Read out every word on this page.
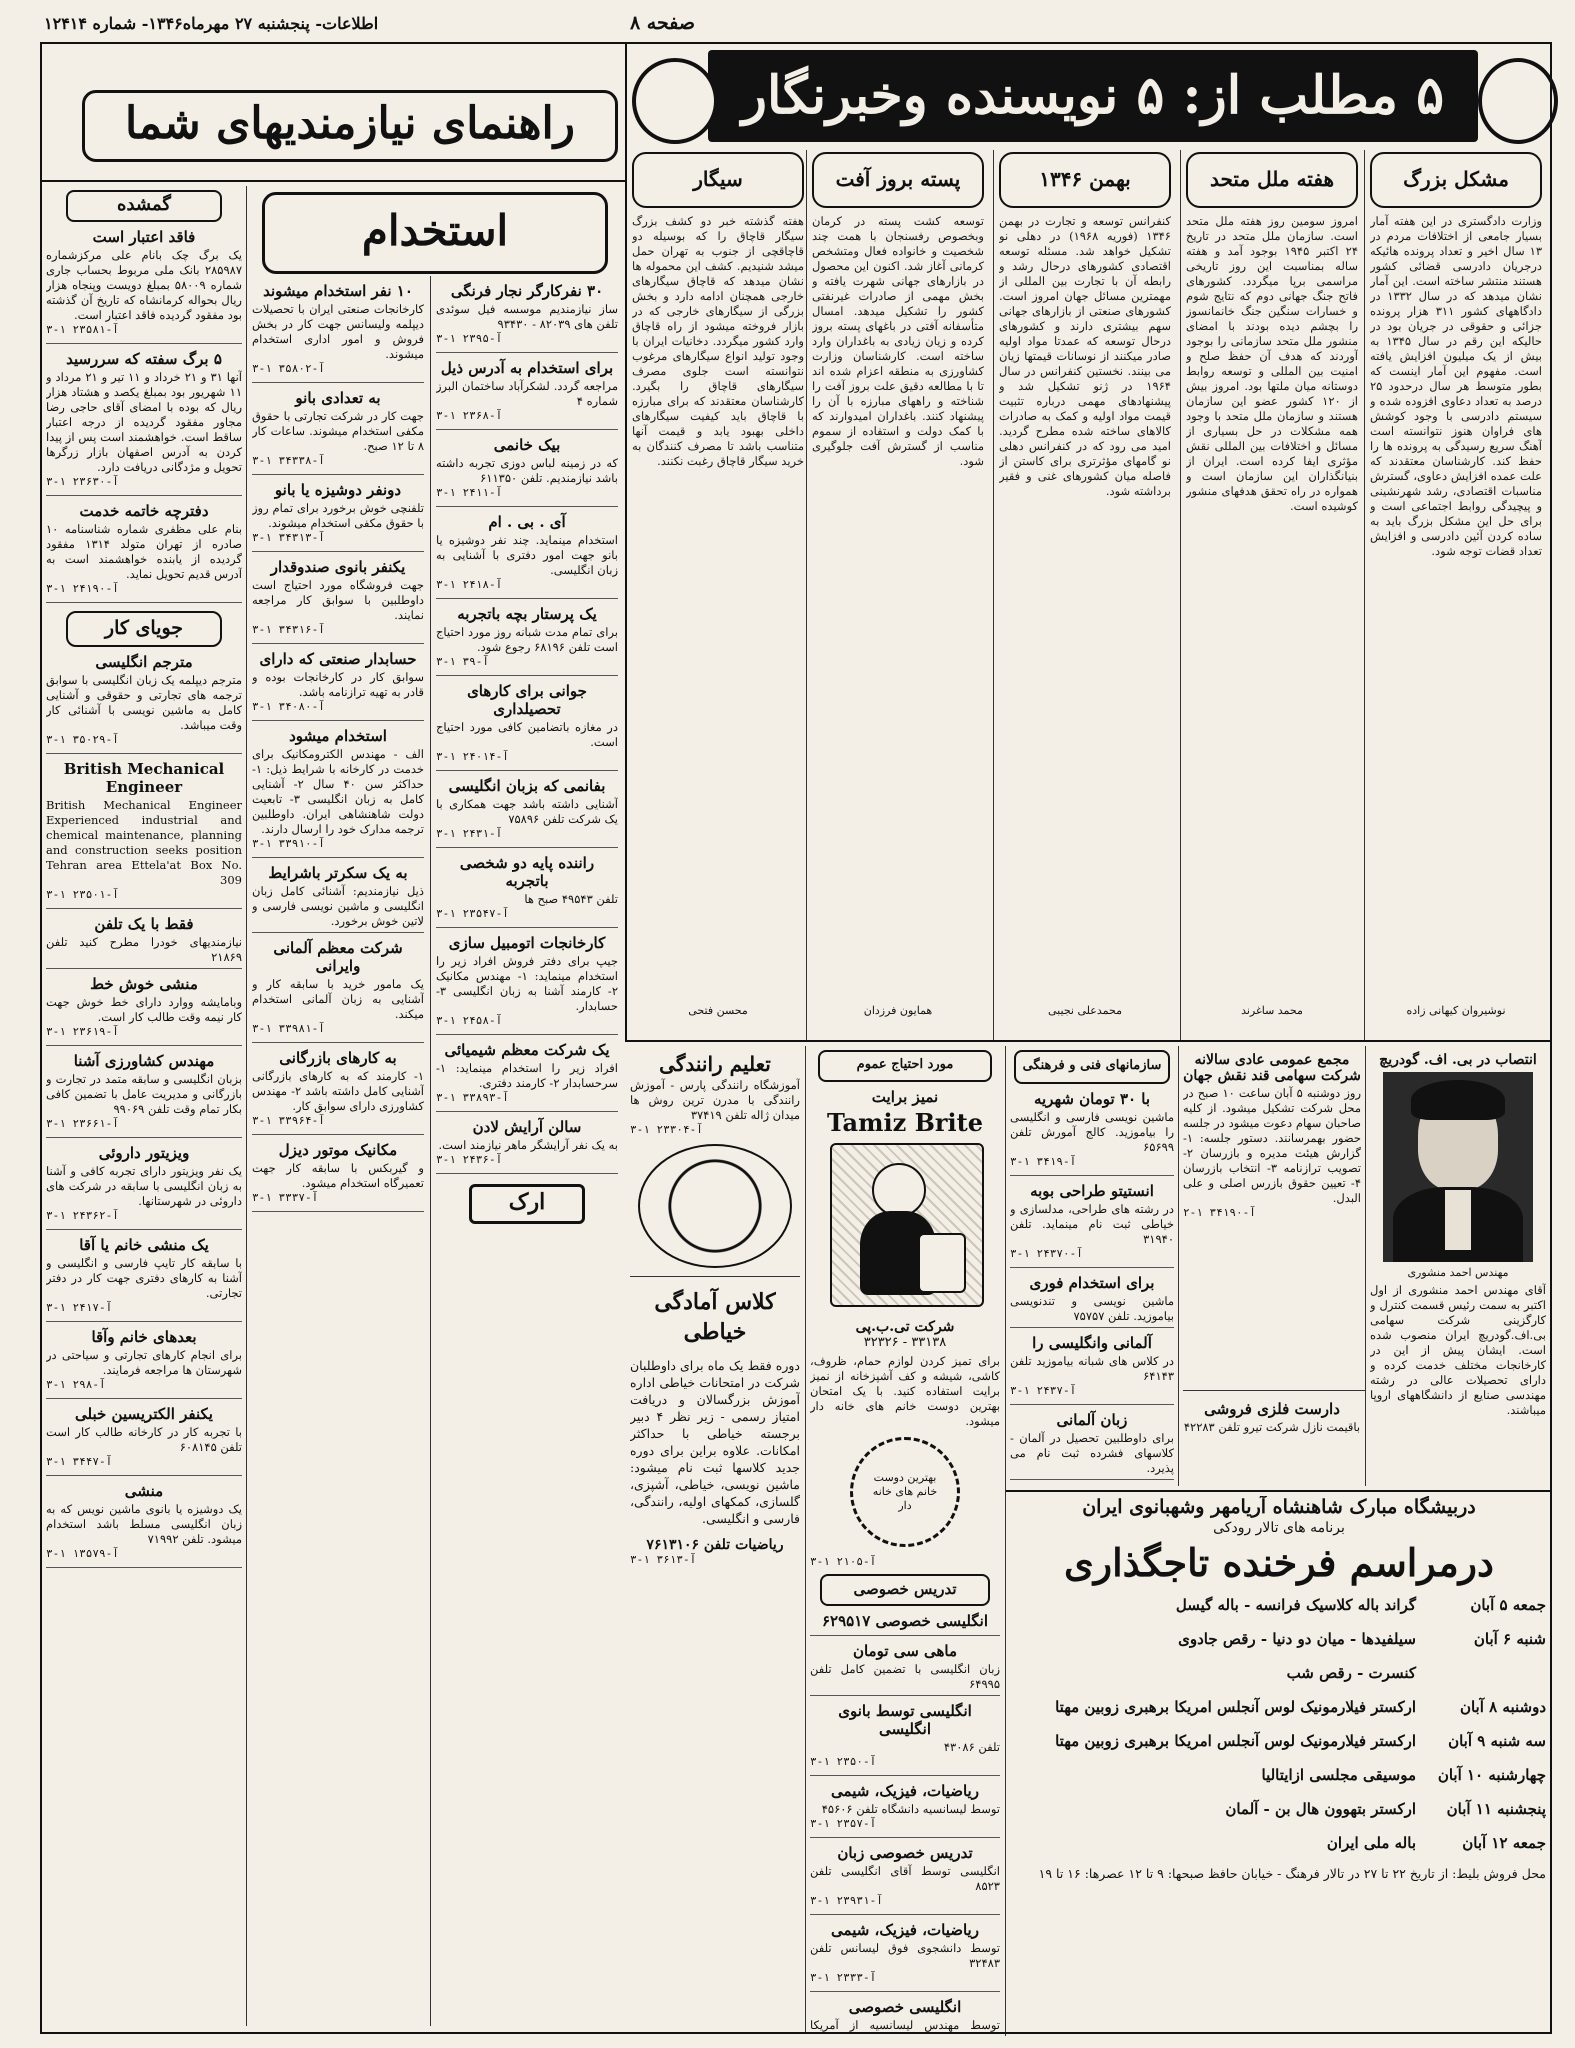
صفحه ۸
اطلاعات- پنجشنبه ۲۷ مهرماه۱۳۴۶- شماره ۱۲۴۱۴
۵ مطلب از: ۵ نویسنده وخبرنگار
مشکل بزرگ
وزارت دادگستری در این هفته آمار بسیار جامعی از اختلافات مردم در ۱۳ سال اخیر و تعداد پرونده هائیکه درجریان دادرسی قضائی کشور هستند منتشر ساخته است. این آمار نشان میدهد که در سال ۱۳۳۲ در دادگاههای کشور ۳۱۱ هزار پرونده جزائی و حقوقی در جریان بود در حالیکه این رقم در سال ۱۳۴۵ به بیش از یک میلیون افزایش یافته است. مفهوم این آمار اینست که بطور متوسط هر سال درحدود ۲۵ درصد به تعداد دعاوی افزوده شده و سیستم دادرسی با وجود کوشش های فراوان هنوز نتوانسته است آهنگ سریع رسیدگی به پرونده ها را حفظ کند. کارشناسان معتقدند که علت عمده افزایش دعاوی، گسترش مناسبات اقتصادی، رشد شهرنشینی و پیچیدگی روابط اجتماعی است و برای حل این مشکل بزرگ باید به ساده کردن آئین دادرسی و افزایش تعداد قضات توجه شود.
نوشیروان کیهانی زاده
هفته ملل متحد
امروز سومین روز هفته ملل متحد است. سازمان ملل متحد در تاریخ ۲۴ اکتبر ۱۹۴۵ بوجود آمد و هفته ساله بمناسبت این روز تاریخی مراسمی برپا میگردد. کشورهای فاتح جنگ جهانی دوم که نتایج شوم و خسارات سنگین جنگ خانمانسوز را بچشم دیده بودند با امضای منشور ملل متحد سازمانی را بوجود آوردند که هدف آن حفظ صلح و امنیت بین المللی و توسعه روابط دوستانه میان ملتها بود. امروز بیش از ۱۲۰ کشور عضو این سازمان هستند و سازمان ملل متحد با وجود همه مشکلات در حل بسیاری از مسائل و اختلافات بین المللی نقش مؤثری ایفا کرده است. ایران از بنیانگذاران این سازمان است و همواره در راه تحقق هدفهای منشور کوشیده است.
محمد ساغرند
بهمن ۱۳۴۶
کنفرانس توسعه و تجارت در بهمن ۱۳۴۶ (فوریه ۱۹۶۸) در دهلی نو تشکیل خواهد شد. مسئله توسعه اقتصادی کشورهای درحال رشد و رابطه آن با تجارت بین المللی از مهمترین مسائل جهان امروز است. کشورهای صنعتی از بازارهای جهانی سهم بیشتری دارند و کشورهای درحال توسعه که عمدتا مواد اولیه صادر میکنند از نوسانات قیمتها زیان می بینند. نخستین کنفرانس در سال ۱۹۶۴ در ژنو تشکیل شد و پیشنهادهای مهمی درباره تثبیت قیمت مواد اولیه و کمک به صادرات کالاهای ساخته شده مطرح گردید. امید می رود که در کنفرانس دهلی نو گامهای مؤثرتری برای کاستن از فاصله میان کشورهای غنی و فقیر برداشته شود.
محمدعلی نجیبی
پسته بروز آفت
توسعه کشت پسته در کرمان وبخصوص رفسنجان با همت چند شخصیت و خانواده فعال ومتشخص کرمانی آغاز شد. اکنون این محصول در بازارهای جهانی شهرت یافته و بخش مهمی از صادرات غیرنفتی کشور را تشکیل میدهد. امسال متأسفانه آفتی در باغهای پسته بروز کرده و زیان زیادی به باغداران وارد ساخته است. کارشناسان وزارت کشاورزی به منطقه اعزام شده اند تا با مطالعه دقیق علت بروز آفت را شناخته و راههای مبارزه با آن را پیشنهاد کنند. باغداران امیدوارند که با کمک دولت و استفاده از سموم مناسب از گسترش آفت جلوگیری شود.
همایون فرزدان
سیگار
هفته گذشته خبر دو کشف بزرگ سیگار قاچاق را که بوسیله دو قاچاقچی از جنوب به تهران حمل میشد شنیدیم. کشف این محموله ها نشان میدهد که قاچاق سیگارهای خارجی همچنان ادامه دارد و بخش بزرگی از سیگارهای خارجی که در بازار فروخته میشود از راه قاچاق وارد کشور میگردد. دخانیات ایران با وجود تولید انواع سیگارهای مرغوب نتوانسته است جلوی مصرف سیگارهای قاچاق را بگیرد. کارشناسان معتقدند که برای مبارزه با قاچاق باید کیفیت سیگارهای داخلی بهبود یابد و قیمت آنها متناسب باشد تا مصرف کنندگان به خرید سیگار قاچاق رغبت نکنند.
محسن فتحی
راهنمای نیازمندیهای شما
گمشده
فاقد اعتبار است
یک برگ چک بانام علی مرکزشماره ۲۸۵۹۸۷ بانک ملی مربوط بحساب جاری شماره ۵۸۰۰۹ بمبلغ دویست وپنجاه هزار ریال بحواله کرمانشاه که تاریخ آن گذشته بود مفقود گردیده فاقد اعتبار است.
آ-۲۳۵۸۱ ۱-۳
۵ برگ سفته که سررسید
آنها ۳۱ و ۲۱ خرداد و ۱۱ تیر و ۲۱ مرداد و ۱۱ شهریور بود بمبلغ یکصد و هشتاد هزار ریال که بوده با امضای آقای حاجی رضا مجاور مفقود گردیده از درجه اعتبار ساقط است. خواهشمند است پس از پیدا کردن به آدرس اصفهان بازار زرگرها تحویل و مژدگانی دریافت دارد.
آ-۲۳۶۳۰ ۱-۳
دفترچه خاتمه خدمت
بنام علی مظفری شماره شناسنامه ۱۰ صادره از تهران متولد ۱۳۱۴ مفقود گردیده از یابنده خواهشمند است به آدرس قدیم تحویل نماید.
آ-۲۴۱۹۰ ۱-۳
جویای کار
مترجم انگلیسی
مترجم دیپلمه یک زبان انگلیسی با سوابق ترجمه های تجارتی و حقوقی و آشنایی کامل به ماشین نویسی با آشنائی کار وقت میباشد.
آ-۳۵۰۲۹ ۱-۳
British Mechanical Engineer
British Mechanical Engineer Experienced industrial and chemical maintenance, planning and construction seeks position Tehran area Ettela'at Box No. 309
آ-۲۳۵۰۱ ۱-۳
فقط با یک تلفن
نیازمندیهای خودرا مطرح کنید تلفن ۲۱۸۶۹
منشی خوش خط
وبامایشه ووارد دارای خط خوش جهت کار نیمه وقت طالب کار است.
آ-۲۳۶۱۹ ۱-۳
مهندس کشاورزی آشنا
بزبان انگلیسی و سابقه متمد در تجارت و بازرگانی و مدیریت عامل با تضمین کافی بکار تمام وقت تلفن ۹۹۰۶۹
آ-۲۳۶۶۱ ۱-۳
ویزیتور داروئی
یک نفر ویزیتور دارای تجربه کافی و آشنا به زبان انگلیسی با سابقه در شرکت های داروئی در شهرستانها.
آ-۲۴۳۶۲ ۱-۳
یک منشی خانم یا آقا
با سابقه کار تایپ فارسی و انگلیسی و آشنا به کارهای دفتری جهت کار در دفتر تجارتی.
آ-۲۴۱۷ ۱-۳
بعدهای خانم وآقا
برای انجام کارهای تجارتی و سیاحتی در شهرستان ها مراجعه فرمایند.
آ-۲۹۸ ۱-۳
یکنفر الکتریسین خبلی
با تجربه کار در کارخانه طالب کار است تلفن ۶۰۸۱۴۵
آ-۳۴۴۷ ۱-۳
منشی
یک دوشیزه یا بانوی ماشین نویس که به زبان انگلیسی مسلط باشد استخدام میشود. تلفن ۷۱۹۹۲
آ-۱۳۵۷۹ ۱-۳
استخدام
۱۰ نفر استخدام میشوند
کارخانجات صنعتی ایران با تحصیلات دیپلمه ولیسانس جهت کار در بخش فروش و امور اداری استخدام میشوند.
آ-۳۵۸۰۲ ۱-۳
به تعدادی بانو
جهت کار در شرکت تجارتی با حقوق مکفی استخدام میشوند. ساعات کار ۸ تا ۱۲ صبح.
آ-۳۴۳۳۸ ۱-۳
دونفر دوشیزه یا بانو
تلفنچی خوش برخورد برای تمام روز با حقوق مکفی استخدام میشوند.
آ-۳۴۳۱۳ ۱-۳
یکنفر بانوی صندوقدار
جهت فروشگاه مورد احتیاج است داوطلبین با سوابق کار مراجعه نمایند.
آ-۳۴۳۱۶ ۱-۳
حسابدار صنعتی که دارای
سوابق کار در کارخانجات بوده و قادر به تهیه ترازنامه باشد.
آ-۳۴۰۸۰ ۱-۳
استخدام میشود
الف - مهندس الکترومکانیک برای خدمت در کارخانه با شرایط ذیل: ۱- حداکثر سن ۴۰ سال ۲- آشنایی کامل به زبان انگلیسی ۳- تابعیت دولت شاهنشاهی ایران. داوطلبین ترجمه مدارک خود را ارسال دارند.
آ-۳۳۹۱۰ ۱-۳
به یک سکرتر باشرایط
ذیل نیازمندیم: آشنائی کامل زبان انگلیسی و ماشین نویسی فارسی و لاتین خوش برخورد.
شرکت معظم آلمانی وایرانی
یک مامور خرید با سابقه کار و آشنایی به زبان آلمانی استخدام میکند.
آ-۳۳۹۸۱ ۱-۳
به کارهای بازرگانی
۱- کارمند که به کارهای بازرگانی آشنایی کامل داشته باشد ۲- مهندس کشاورزی دارای سوابق کار.
آ-۳۳۹۶۴ ۱-۳
مکانیک موتور دیزل
و گیربکس با سابقه کار جهت تعمیرگاه استخدام میشود.
آ-۳۳۳۷ ۱-۳
۳۰ نفرکارگر نجار فرنگی
ساز نیازمندیم موسسه فیل سوئدی تلفن های ۸۲۰۳۹ - ۹۳۴۳۰
آ-۲۳۹۵ ۱-۳
برای استخدام به آدرس ذیل
مراجعه گردد. لشکرآباد ساختمان البرز شماره ۴
آ-۲۳۶۸ ۱-۳
بیک خانمی
که در زمینه لباس دوزی تجربه داشته باشد نیازمندیم. تلفن ۶۱۱۳۵۰
آ-۲۴۱۱ ۱-۳
آی . بی . ام
استخدام مینماید. چند نفر دوشیزه یا بانو جهت امور دفتری با آشنایی به زبان انگلیسی.
آ-۲۴۱۸ ۱-۳
یک پرستار بچه باتجربه
برای تمام مدت شبانه روز مورد احتیاج است تلفن ۶۸۱۹۶ رجوع شود.
آ-۳۹ ۱-۳
جوانی برای کارهای تحصیلداری
در مغازه باتضامین کافی مورد احتیاج است.
آ-۲۴۰۱۴ ۱-۳
بفانمی که بزبان انگلیسی
آشنایی داشته باشد جهت همکاری با یک شرکت تلفن ۷۵۸۹۶
آ-۲۴۳۱ ۱-۳
راننده پایه دو شخصی باتجربه
تلفن ۴۹۵۴۳ صبح ها
آ-۲۳۵۴۷ ۱-۳
کارخانجات اتومبیل سازی
جیپ برای دفتر فروش افراد زیر را استخدام مینماید: ۱- مهندس مکانیک ۲- کارمند آشنا به زبان انگلیسی ۳- حسابدار.
آ-۲۴۵۸ ۱-۳
یک شرکت معظم شیمیائی
افراد زیر را استخدام مینماید: ۱- سرحسابدار ۲- کارمند دفتری.
آ-۳۳۸۹۳ ۱-۳
سالن آرایش لادن
به یک نفر آرایشگر ماهر نیازمند است.
آ-۲۴۳۶ ۱-۳
ارک
انتصاب در بی. اف. گودریچ
مهندس احمد منشوری
آقای مهندس احمد منشوری از اول اکتبر به سمت رئیس قسمت کنترل و کارگزینی شرکت سهامی بی.اف.گودریچ ایران منصوب شده است. ایشان پیش از این در کارخانجات مختلف خدمت کرده و دارای تحصیلات عالی در رشته مهندسی صنایع از دانشگاههای اروپا میباشند.
مجمع عمومی عادی سالانه شرکت سهامی قند نقش جهان
روز دوشنبه ۵ آبان ساعت ۱۰ صبح در محل شرکت تشکیل میشود. از کلیه صاحبان سهام دعوت میشود در جلسه حضور بهمرسانند. دستور جلسه: ۱- گزارش هیئت مدیره و بازرسان ۲- تصویب ترازنامه ۳- انتخاب بازرسان ۴- تعیین حقوق بازرس اصلی و علی البدل.
آ-۳۴۱۹۰ ۱-۲
دارست فلزی فروشی
باقیمت نازل شرکت تیرو تلفن ۴۲۲۸۳
سازمانهای فنی و فرهنگی
با ۳۰ تومان شهریه
ماشین نویسی فارسی و انگلیسی را بیاموزید. کالج آمورش تلفن ۶۵۶۹۹
آ-۳۴۱۹ ۱-۳
انستیتو طراحی بوبه
در رشته های طراحی، مدلسازی و خیاطی ثبت نام مینماید. تلفن ۳۱۹۴۰
آ-۲۴۳۷۰ ۱-۳
برای استخدام فوری
ماشین نویسی و تندنویسی بیاموزید. تلفن ۷۵۷۵۷
آلمانی وانگلیسی را
در کلاس های شبانه بیاموزید تلفن ۶۴۱۴۳
آ-۲۴۳۷ ۱-۳
زبان آلمانی
برای داوطلبین تحصیل در آلمان - کلاسهای فشرده ثبت نام می پذیرد.
دربیشگاه مبارک شاهنشاه آریامهر وشهبانوی ایران
برنامه های تالار رودکی
درمراسم فرخنده تاجگذاری
جمعه ۵ آبان
گراند باله کلاسیک فرانسه - باله گیسل
شنبه ۶ آبان
سیلفیدها - میان دو دنیا - رقص جادوی
کنسرت - رقص شب
دوشنبه ۸ آبان
ارکستر فیلارمونیک لوس آنجلس امریکا برهبری زوبین مهتا
سه شنبه ۹ آبان
ارکستر فیلارمونیک لوس آنجلس امریکا برهبری زوبین مهتا
چهارشنبه ۱۰ آبان
موسیقی مجلسی ازایتالیا
پنجشنبه ۱۱ آبان
ارکستر بتهوون هال بن - آلمان
جمعه ۱۲ آبان
باله ملی ایران
محل فروش بلیط: از تاریخ ۲۲ تا ۲۷ در تالار فرهنگ - خیابان حافظ صبحها: ۹ تا ۱۲ عصرها: ۱۶ تا ۱۹
مورد احتیاج عموم
نمیز برایت
Tamiz Brite
شرکت تی.ب.پی
۳۳۱۳۸ - ۳۲۳۲۶
برای تمیز کردن لوازم حمام، ظروف، کاشی، شیشه و کف آشپزخانه از نمیز برایت استفاده کنید. با یک امتحان بهترین دوست خانم های خانه دار میشود.
بهترین دوست خانم های خانه دار
آ-۲۱۰۵ ۱-۳
تدریس خصوصی
انگلیسی خصوصی ۶۲۹۵۱۷
ماهی سی تومان
زبان انگلیسی با تضمین کامل تلفن ۶۴۹۹۵
انگلیسی توسط بانوی انگلیسی
تلفن ۴۳۰۸۶
آ-۲۳۵۰ ۱-۳
ریاضیات، فیزیک، شیمی
توسط لیسانسیه دانشگاه تلفن ۴۵۶۰۶
آ-۲۳۵۷ ۱-۳
تدریس خصوصی زبان
انگلیسی توسط آقای انگلیسی تلفن ۸۵۲۳
آ-۲۳۹۳۱ ۱-۳
ریاضیات، فیزیک، شیمی
توسط دانشجوی فوق لیسانس تلفن ۳۲۴۸۳
آ-۲۳۳۳ ۱-۳
انگلیسی خصوصی
توسط مهندس لیسانسیه از آمریکا
تعلیم رانندگی
آموزشگاه رانندگی پارس - آموزش رانندگی با مدرن ترین روش ها میدان ژاله تلفن ۳۷۴۱۹
آ-۲۳۳۰۴ ۱-۳
کلاس آمادگی خیاطی
دوره فقط یک ماه برای داوطلبان شرکت در امتحانات خیاطی اداره آموزش بزرگسالان و دریافت امتیاز رسمی - زیر نظر ۴ دبیر برجسته خیاطی با حداکثر امکانات. علاوه براین برای دوره جدید کلاسها ثبت نام میشود: ماشین نویسی، خیاطی، آشپزی، گلسازی، کمکهای اولیه، رانندگی، فارسی و انگلیسی.
ریاضیات تلفن ۷۶۱۳۱۰۶
آ-۳۶۱۳ ۱-۳
